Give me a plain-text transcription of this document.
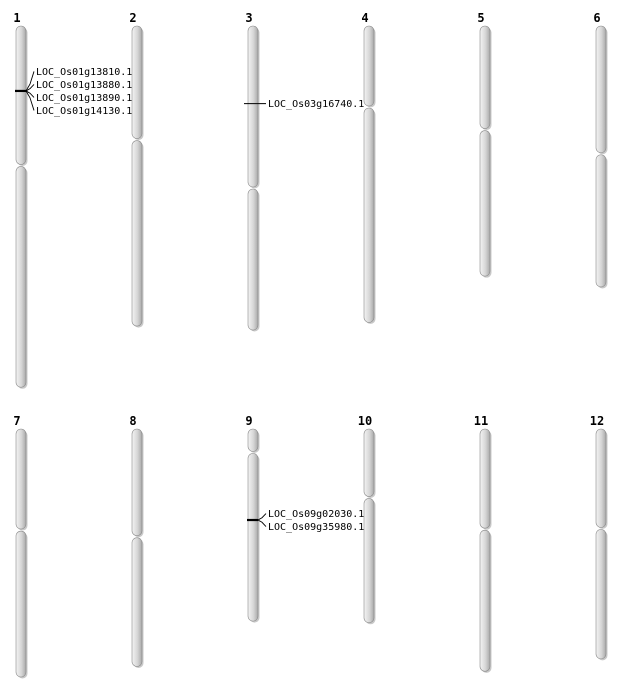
1	2	3	4	5	6
7	8	9	10	11	12
LOC_Os01g13810.1
LOC_Os01g13880.1
LOC_Os01g13890.1
LOC_Os01g14130.1
LOC_Os03g16740.1
LOC_Os09g02030.1
LOC_Os09g35980.1
